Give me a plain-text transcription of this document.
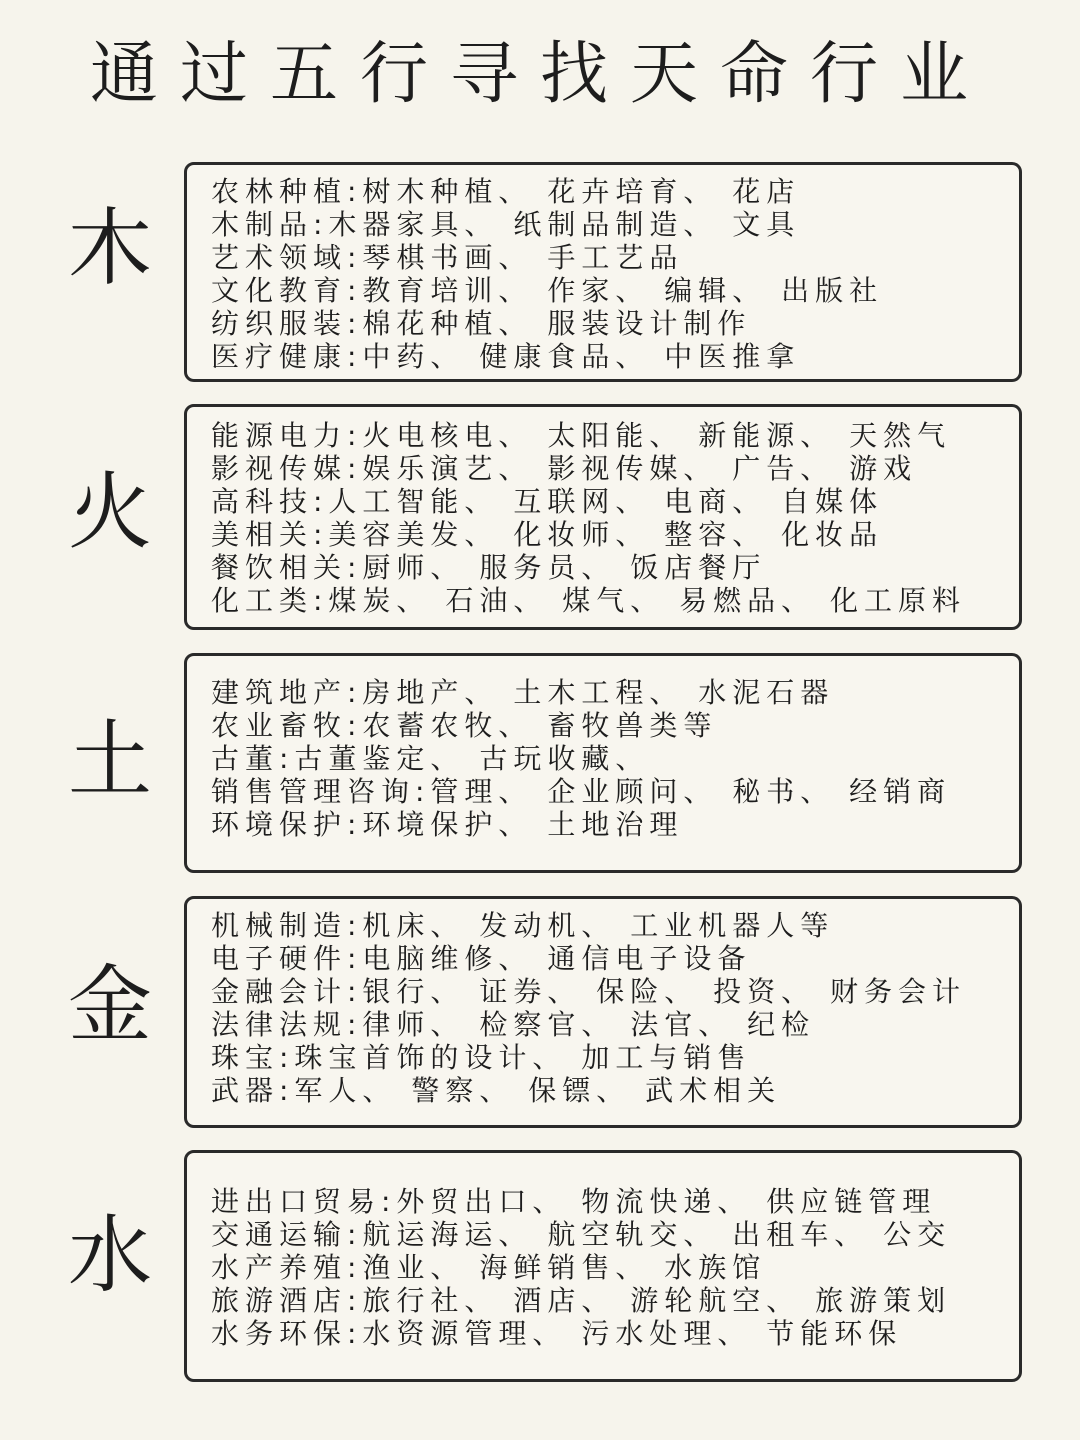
通过五行寻找天命行业
木
农林种植:树木种植、 花卉培育、 花店
木制品:木器家具、 纸制品制造、 文具
艺术领域:琴棋书画、 手工艺品
文化教育:教育培训、 作家、 编辑、 出版社
纺织服装:棉花种植、 服装设计制作
医疗健康:中药、 健康食品、 中医推拿
火
能源电力:火电核电、 太阳能、 新能源、 天然气
影视传媒:娱乐演艺、 影视传媒、 广告、 游戏
高科技:人工智能、 互联网、 电商、 自媒体
美相关:美容美发、 化妆师、 整容、 化妆品
餐饮相关:厨师、 服务员、 饭店餐厅
化工类:煤炭、 石油、 煤气、 易燃品、 化工原料
土
建筑地产:房地产、 土木工程、 水泥石器
农业畜牧:农蓄农牧、 畜牧兽类等
古董:古董鉴定、 古玩收藏、
销售管理咨询:管理、 企业顾问、 秘书、 经销商
环境保护:环境保护、 土地治理
金
机械制造:机床、 发动机、 工业机器人等
电子硬件:电脑维修、 通信电子设备
金融会计:银行、 证券、 保险、 投资、 财务会计
法律法规:律师、 检察官、 法官、 纪检
珠宝:珠宝首饰的设计、 加工与销售
武器:军人、 警察、 保镖、 武术相关
水
进出口贸易:外贸出口、 物流快递、 供应链管理
交通运输:航运海运、 航空轨交、 出租车、 公交
水产养殖:渔业、 海鲜销售、 水族馆
旅游酒店:旅行社、 酒店、 游轮航空、 旅游策划
水务环保:水资源管理、 污水处理、 节能环保
